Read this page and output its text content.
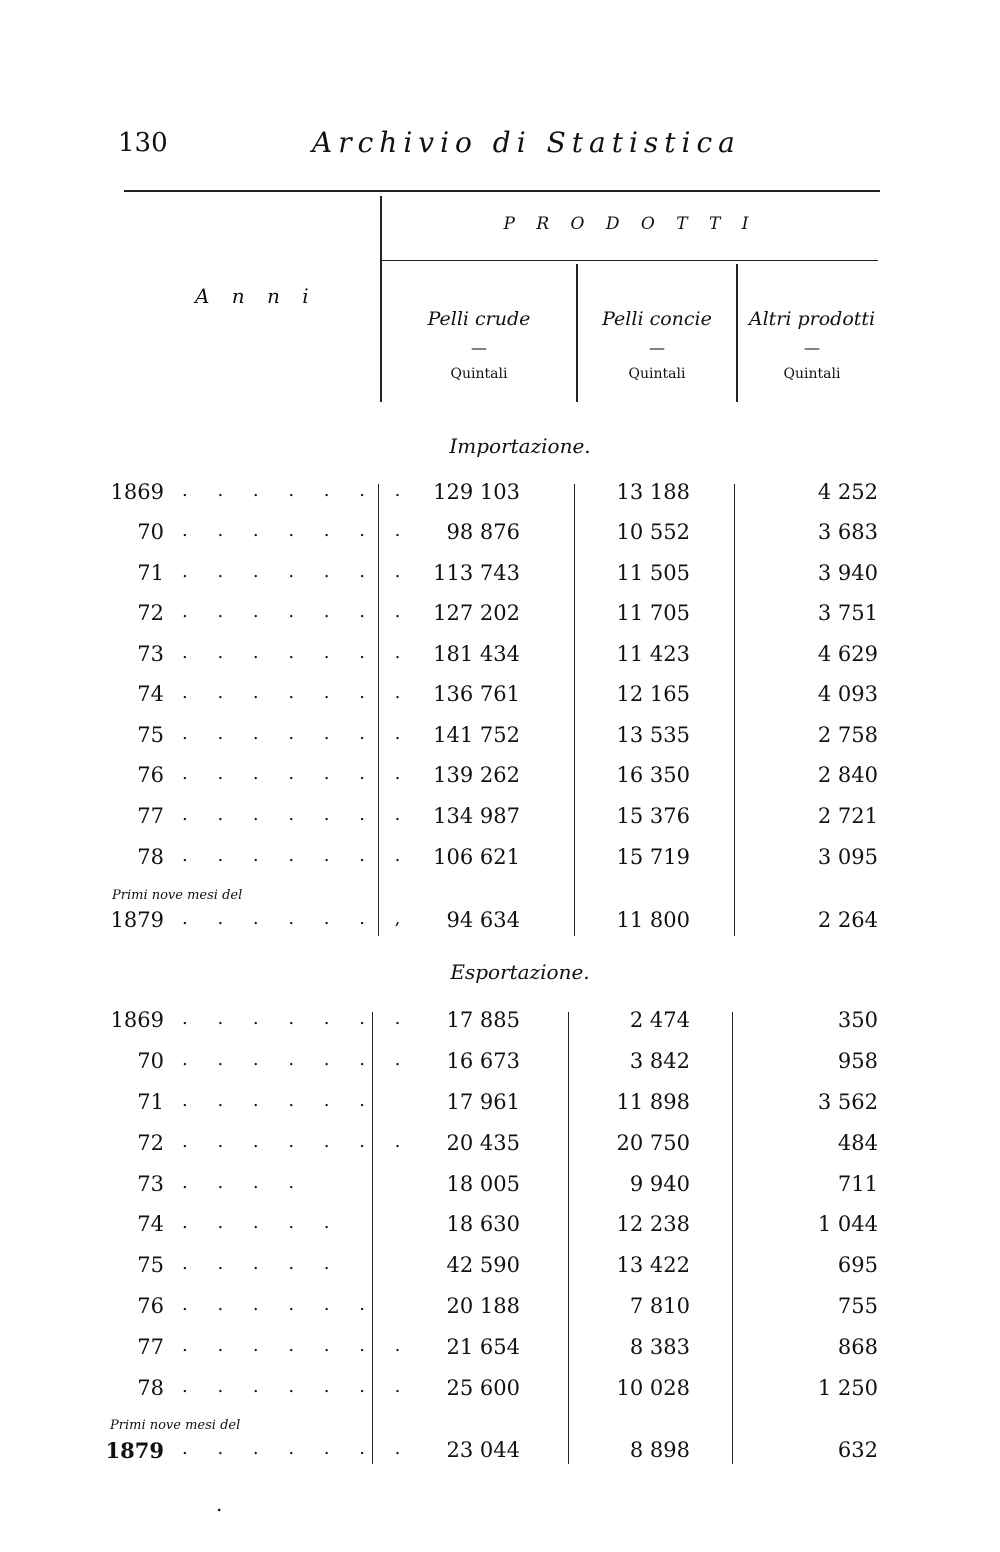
130	Archivio di Statistica
P R O D O T T I
A n n i
Pelli crude
—
Quintali
Pelli concie
—
Quintali
Altri prodotti
—
Quintali
Importazione.
1869 . . . . . . . 129 103	13 188	4 252
70 . . . . . . .	98 876	10 552	3 683
71 . . . . . . . 113 743	11 505	3 940
72 . . . . . . . 127 202	11 705	3 751
73 . . . . . . . 181 434	11 423	4 629
74 . . . . . . . 136 761	12 165	4 093
75 . . . . . . . 141 752	13 535	2 758
76 . . . . . . . 139 262	16 350	2 840
77 . . . . . . . 134 987	15 376	2 721
78 . . . . . . . 106 621	15 719	3 095
Primi nove mesi del
1879 . . . . . . ,	94 634	11 800	2 264
Esportazione.
1869 . . . . . . .	17 885	2 474	350
70 . . . . . . .	16 673	3 842	958
71 . . . . . .	17 961	11 898	3 562
72 . . . . . . .	20 435	20 750	484
73 . . . .	18 005	9 940	711
74 . . . . .	18 630	12 238	1 044
75 . . . . .	42 590	13 422	695
76 . . . . . .	20 188	7 810	755
77 . . . . . . .	21 654	8 383	868
78 . . . . . . .	25 600	10 028	1 250
Primi nove mesi del
1879 . . . . . . .	23 044	8 898	632
.
